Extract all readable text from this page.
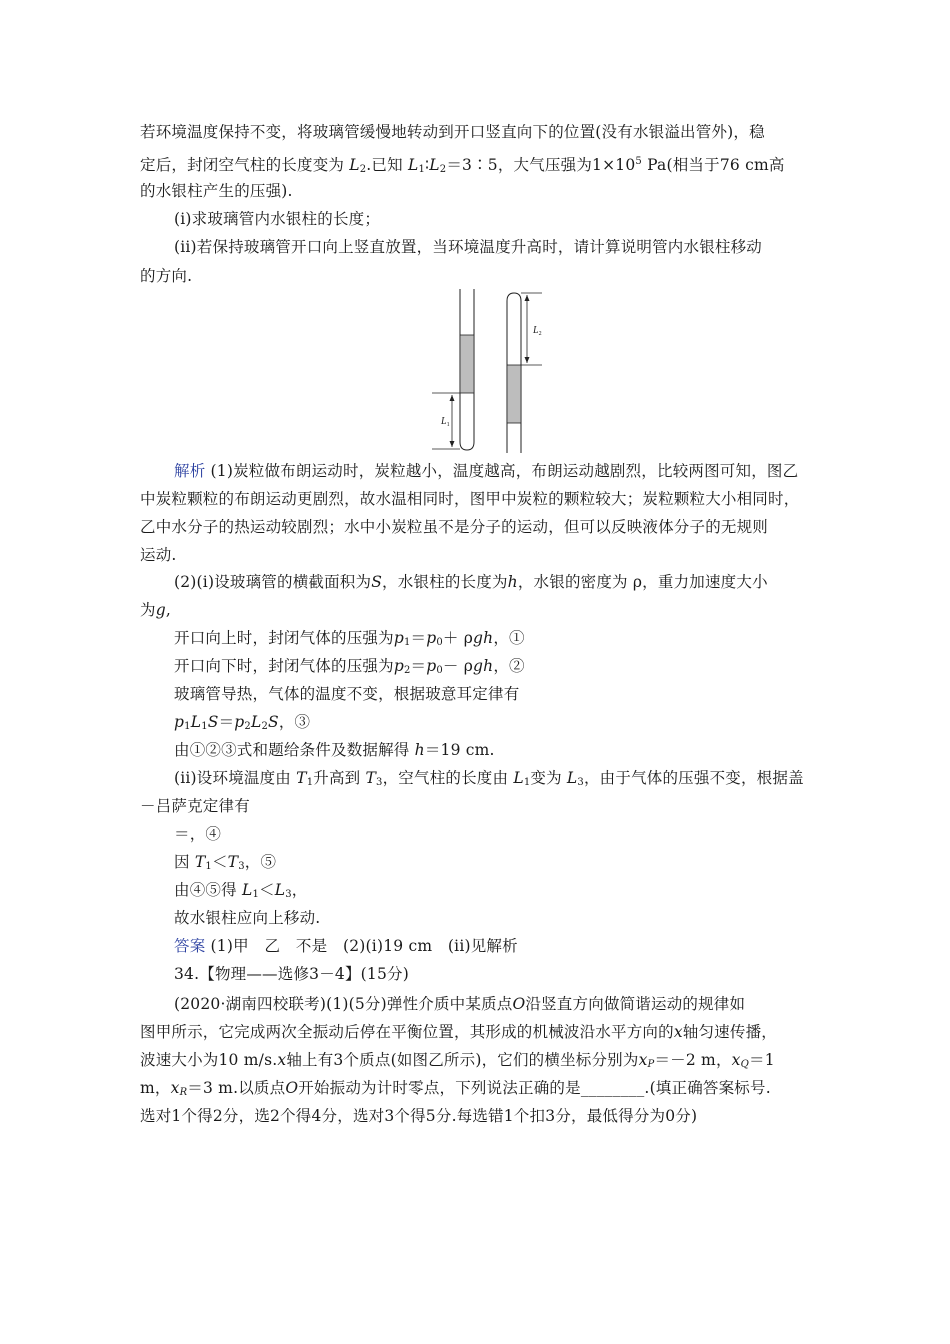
若环境温度保持不变，将玻璃管缓慢地转动到开口竖直向下的位置(没有水银溢出管外)，稳
定后，封闭空气柱的长度变为 $L_2$.已知 $L_1∶L_2=3∶5$，大气压强为$1\times 10^5$ Pa(相当于76 cm高
的水银柱产生的压强).
(i)求玻璃管内水银柱的长度；
(ii)若保持玻璃管开口向上竖直放置，当环境温度升高时，请计算说明管内水银柱移动
的方向.
$L_1$
$L_2$
解析 (1)炭粒做布朗运动时，炭粒越小，温度越高，布朗运动越剧烈，比较两图可知，图乙
中炭粒颗粒的布朗运动更剧烈，故水温相同时，图甲中炭粒的颗粒较大；炭粒颗粒大小相同时，
乙中水分子的热运动较剧烈；水中小炭粒虽不是分子的运动，但可以反映液体分子的无规则
运动.
(2)(i)设玻璃管的横截面积为S，水银柱的长度为h，水银的密度为 ρ，重力加速度大小
为g,
开口向上时，封闭气体的压强为$p_1=p_0+ \rho gh$，①
开口向下时，封闭气体的压强为$p_2=p_0- \rho gh$，②
玻璃管导热，气体的温度不变，根据玻意耳定律有
$p_1L_1S=p_2L_2S$，③
由①②③式和题给条件及数据解得 h＝19 cm.
(ii)设环境温度由 $T_1$升高到 $T_3$，空气柱的长度由 $L_1$变为 $L_3$，由于气体的压强不变，根据盖
－吕萨克定律有
＝，④
因 $T_1<T_3$，⑤
由④⑤得 $L_1<L_3$，
故水银柱应向上移动.
答案 (1)甲　乙　不是　(2)(i)19 cm　(ii)见解析
34.【物理——选修3－4】(15分)
(2020·湖南四校联考)(1)(5分)弹性介质中某质点O沿竖直方向做简谐运动的规律如
图甲所示，它完成两次全振动后停在平衡位置，其形成的机械波沿水平方向的x轴匀速传播，
波速大小为10 m/s.x轴上有3个质点(如图乙所示)，它们的横坐标分别为$x_P=-2$ m，$x_Q=1$
m，$x_R=3$ m.以质点O开始振动为计时零点，下列说法正确的是________.(填正确答案标号.
选对1个得2分，选2个得4分，选对3个得5分.每选错1个扣3分，最低得分为0分)
